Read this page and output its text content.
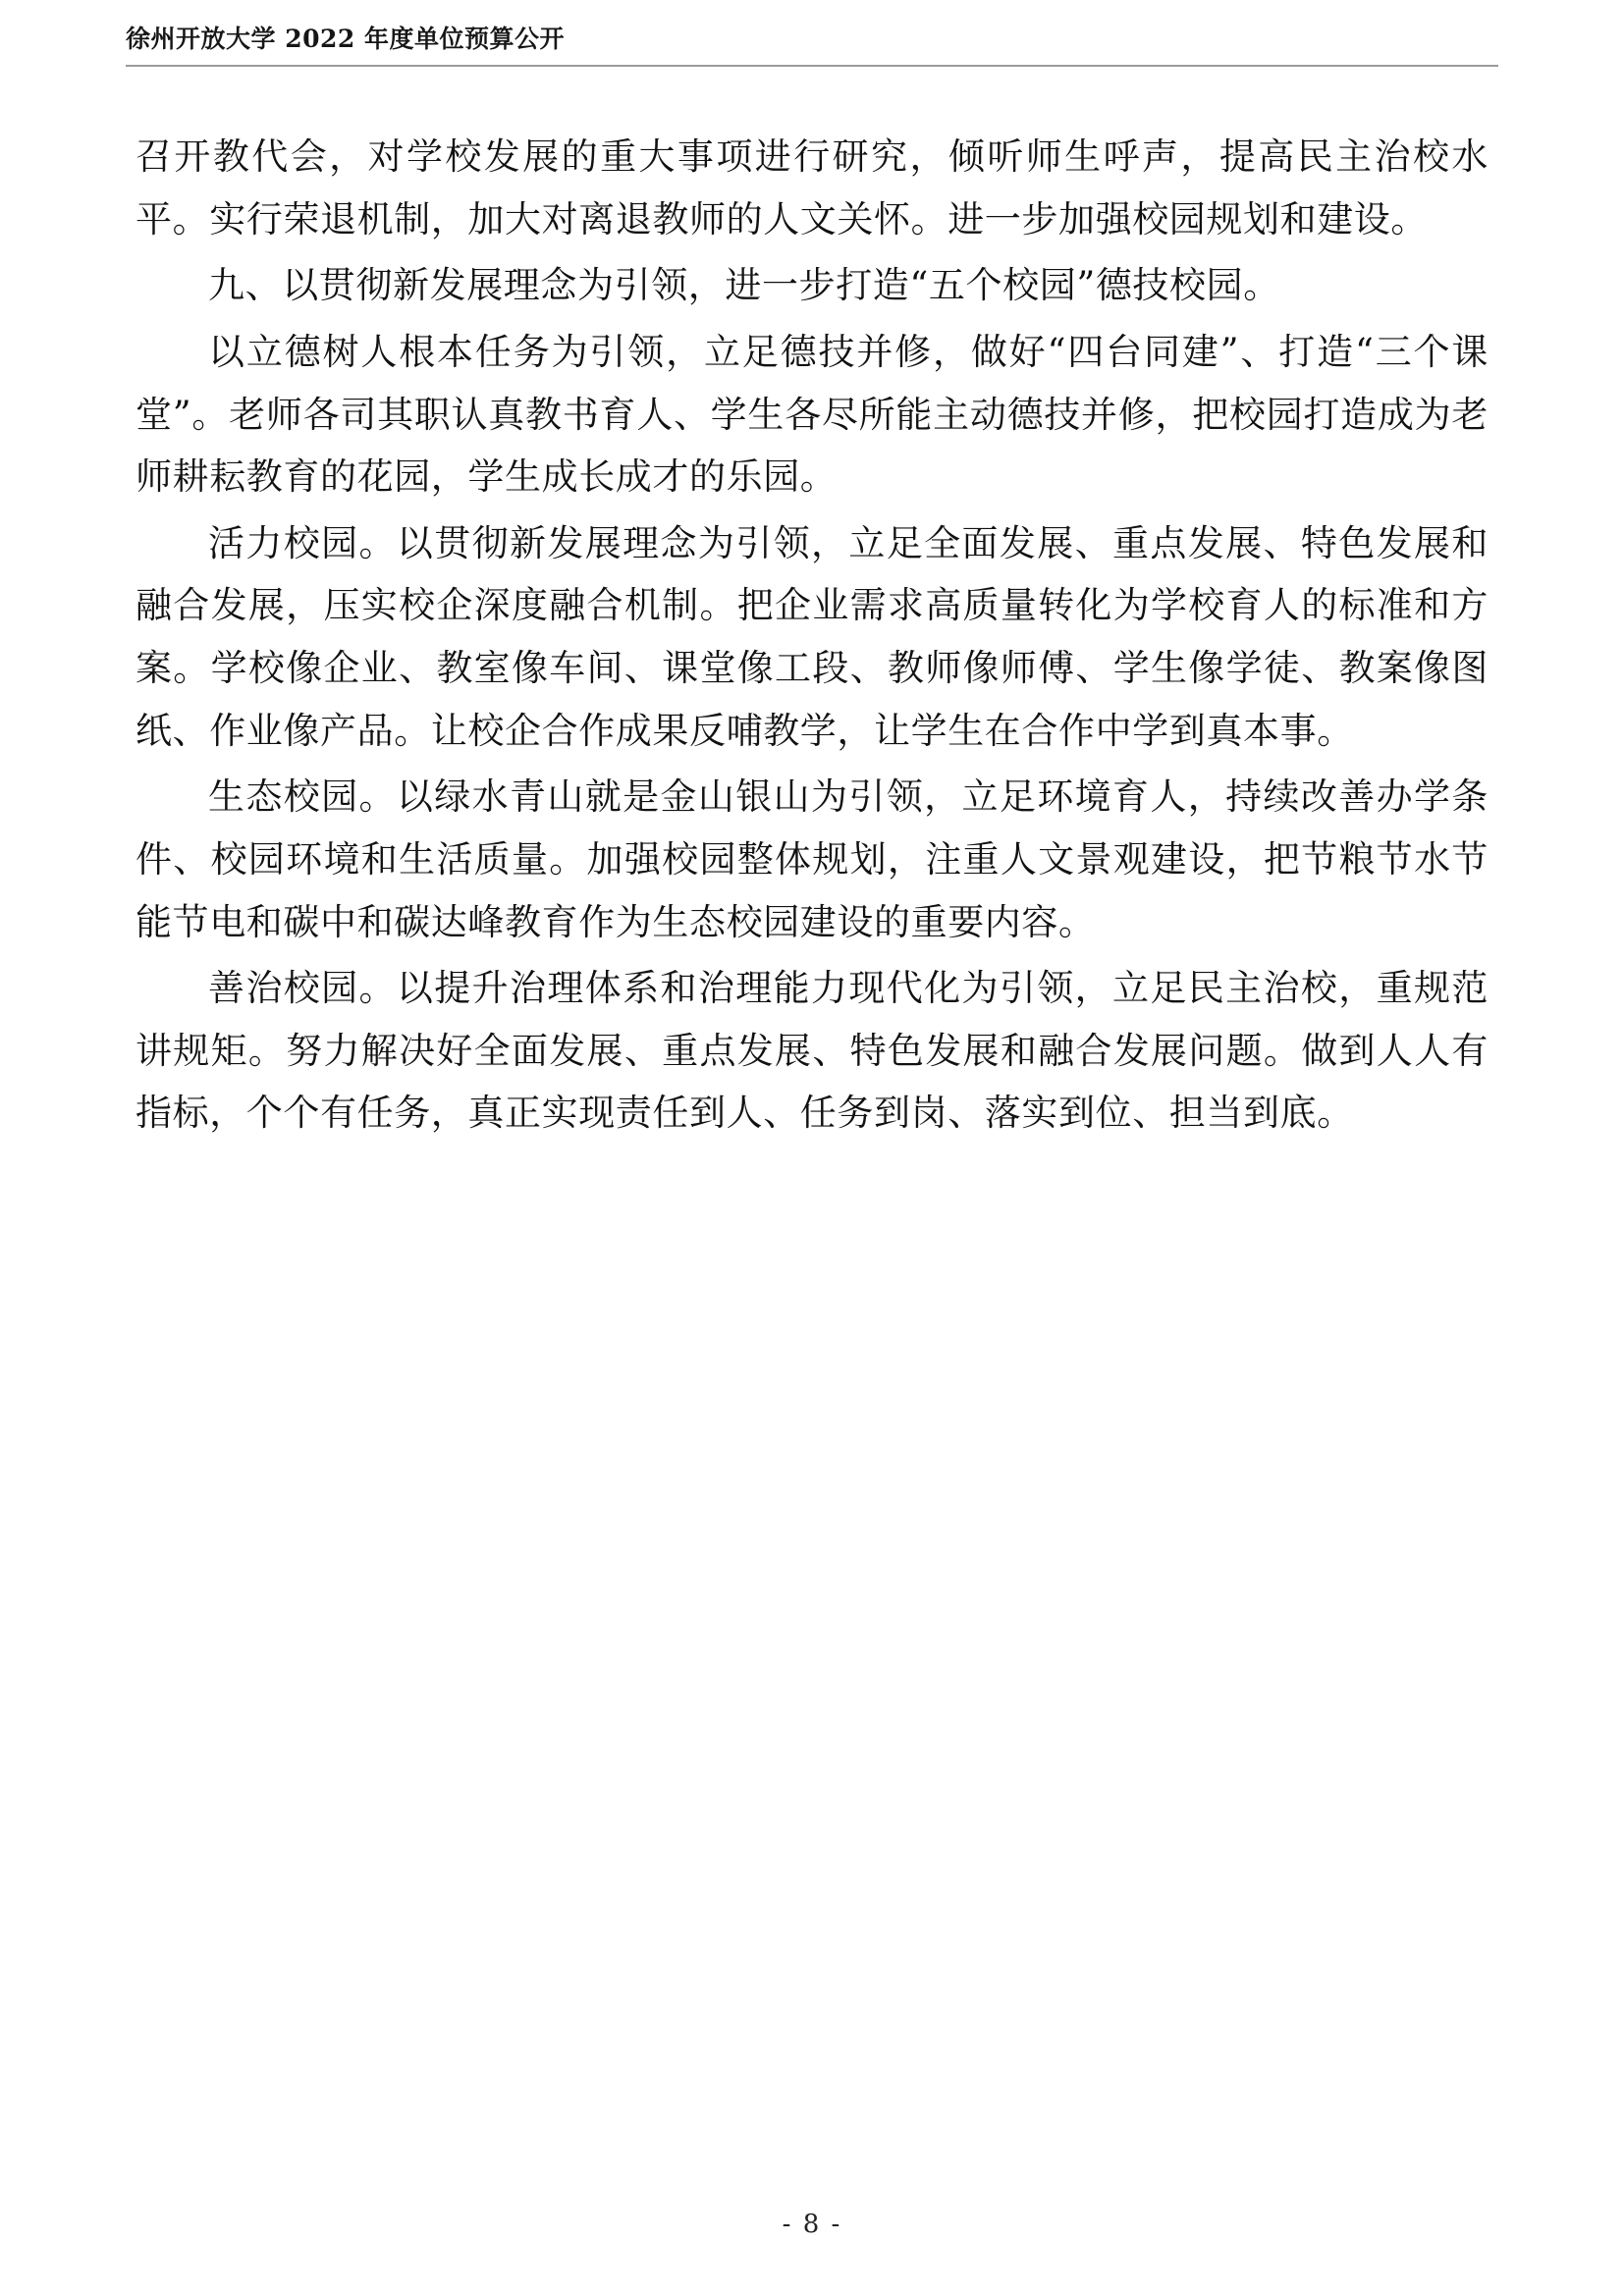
徐州开放大学 2022 年度单位预算公开

召开教代会，对学校发展的重大事项进行研究，倾听师生呼声，提高民主治校水平。实行荣退机制，加大对离退教师的人文关怀。进一步加强校园规划和建设。

九、以贯彻新发展理念为引领，进一步打造“五个校园”德技校园。

以立德树人根本任务为引领，立足德技并修，做好“四台同建”、打造“三个课堂”。老师各司其职认真教书育人、学生各尽所能主动德技并修，把校园打造成为老师耕耘教育的花园，学生成长成才的乐园。

活力校园。以贯彻新发展理念为引领，立足全面发展、重点发展、特色发展和融合发展，压实校企深度融合机制。把企业需求高质量转化为学校育人的标准和方案。学校像企业、教室像车间、课堂像工段、教师像师傅、学生像学徒、教案像图纸、作业像产品。让校企合作成果反哺教学，让学生在合作中学到真本事。

生态校园。以绿水青山就是金山银山为引领，立足环境育人，持续改善办学条件、校园环境和生活质量。加强校园整体规划，注重人文景观建设，把节粮节水节能节电和碳中和碳达峰教育作为生态校园建设的重要内容。

善治校园。以提升治理体系和治理能力现代化为引领，立足民主治校，重规范讲规矩。努力解决好全面发展、重点发展、特色发展和融合发展问题。做到人人有指标，个个有任务，真正实现责任到人、任务到岗、落实到位、担当到底。

- 8 -
